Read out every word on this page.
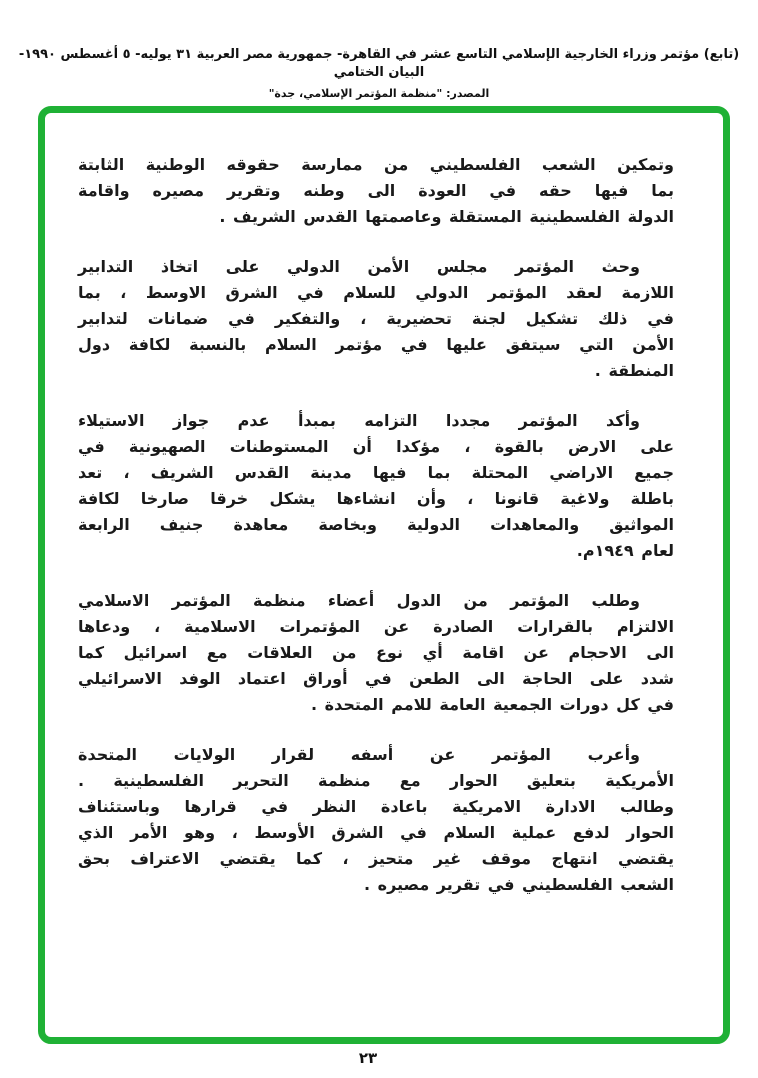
(تابع) مؤتمر وزراء الخارجية الإسلامي التاسع عشر في القاهرة- جمهورية مصر العربية ٣١ يوليه- ٥ أغسطس ١٩٩٠- البيان الختامي
المصدر: "منظمة المؤتمر الإسلامي، جدة"
وتمكين الشعب الفلسطيني من ممارسة حقوقه الوطنية الثابتة
بما فيها حقه في العودة الى وطنه وتقرير مصيره واقامة
الدولة الفلسطينية المستقلة وعاصمتها القدس الشريف .
وحث المؤتمر مجلس الأمن الدولي على اتخاذ التدابير
اللازمة لعقد المؤتمر الدولي للسلام في الشرق الاوسط ، بما
في ذلك تشكيل لجنة تحضيرية ، والتفكير في ضمانات لتدابير
الأمن التي سيتفق عليها في مؤتمر السلام بالنسبة لكافة دول
المنطقة .
وأكد المؤتمر مجددا التزامه بمبدأ عدم جواز الاستيلاء
على الارض بالقوة ، مؤكدا أن المستوطنات الصهيونية في
جميع الاراضي المحتلة بما فيها مدينة القدس الشريف ، تعد
باطلة ولاغية قانونا ، وأن انشاءها يشكل خرقا صارخا لكافة
المواثيق والمعاهدات الدولية وبخاصة معاهدة جنيف الرابعة
لعام ١٩٤٩م.
وطلب المؤتمر من الدول أعضاء منظمة المؤتمر الاسلامي
الالتزام بالقرارات الصادرة عن المؤتمرات الاسلامية ، ودعاها
الى الاحجام عن اقامة أي نوع من العلاقات مع اسرائيل كما
شدد على الحاجة الى الطعن في أوراق اعتماد الوفد الاسرائيلي
في كل دورات الجمعية العامة للامم المتحدة .
وأعرب المؤتمر عن أسفه لقرار الولايات المتحدة
الأمريكية بتعليق الحوار مع منظمة التحرير الفلسطينية .
وطالب الادارة الامريكية باعادة النظر في قرارها وباستئناف
الحوار لدفع عملية السلام في الشرق الأوسط ، وهو الأمر الذي
يقتضي انتهاج موقف غير متحيز ، كما يقتضي الاعتراف بحق
الشعب الفلسطيني في تقرير مصيره .
٢٣
